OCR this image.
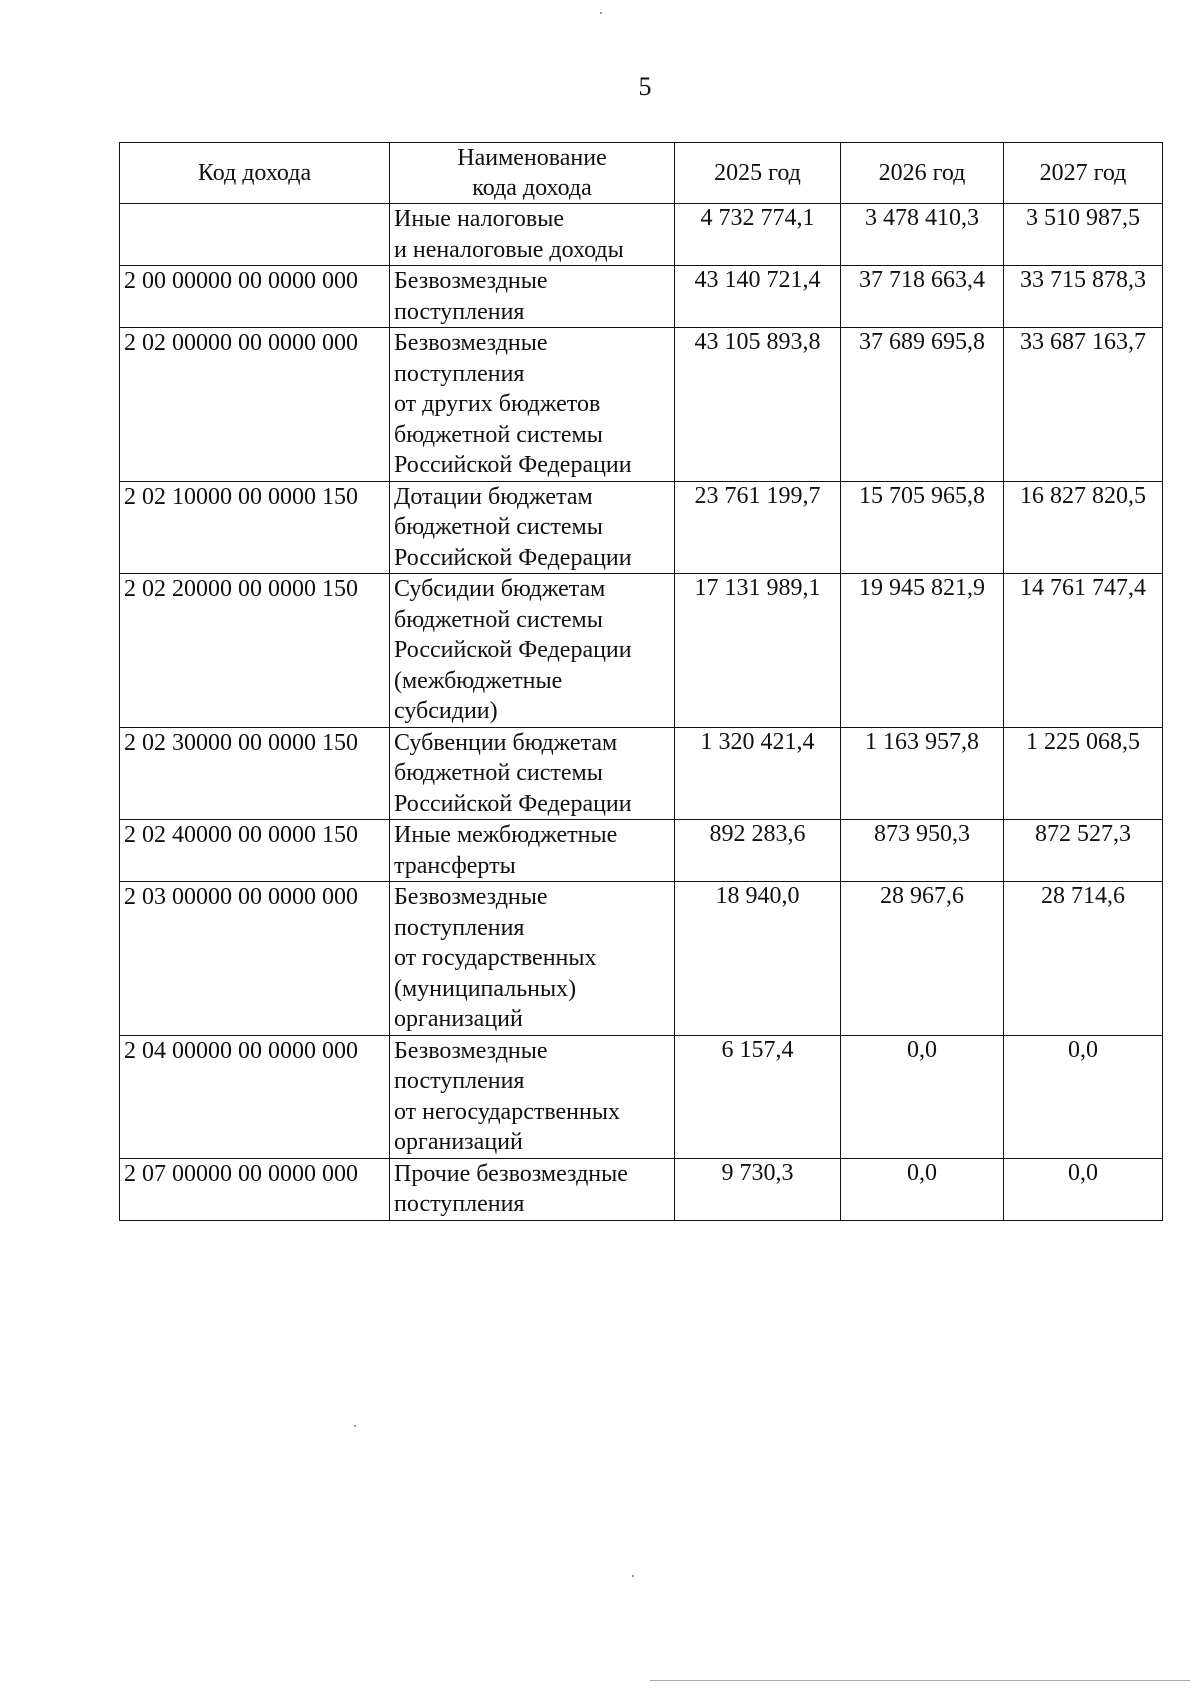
5
Код дохода	Наименование
кода дохода	2025 год	2026 год	2027 год

	Иные налоговые
и неналоговые доходы	4 732 774,1	3 478 410,3	3 510 987,5
2 00 00000 00 0000 000	Безвозмездные
поступления	43 140 721,4	37 718 663,4	33 715 878,3
2 02 00000 00 0000 000	Безвозмездные
поступления
от других бюджетов
бюджетной системы
Российской Федерации	43 105 893,8	37 689 695,8	33 687 163,7
2 02 10000 00 0000 150	Дотации бюджетам
бюджетной системы
Российской Федерации	23 761 199,7	15 705 965,8	16 827 820,5
2 02 20000 00 0000 150	Субсидии бюджетам
бюджетной системы
Российской Федерации
(межбюджетные
субсидии)	17 131 989,1	19 945 821,9	14 761 747,4
2 02 30000 00 0000 150	Субвенции бюджетам
бюджетной системы
Российской Федерации	1 320 421,4	1 163 957,8	1 225 068,5
2 02 40000 00 0000 150	Иные межбюджетные
трансферты	892 283,6	873 950,3	872 527,3
2 03 00000 00 0000 000	Безвозмездные
поступления
от государственных
(муниципальных)
организаций	18 940,0	28 967,6	28 714,6
2 04 00000 00 0000 000	Безвозмездные
поступления
от негосударственных
организаций	6 157,4	0,0	0,0
2 07 00000 00 0000 000	Прочие безвозмездные
поступления	9 730,3	0,0	0,0
